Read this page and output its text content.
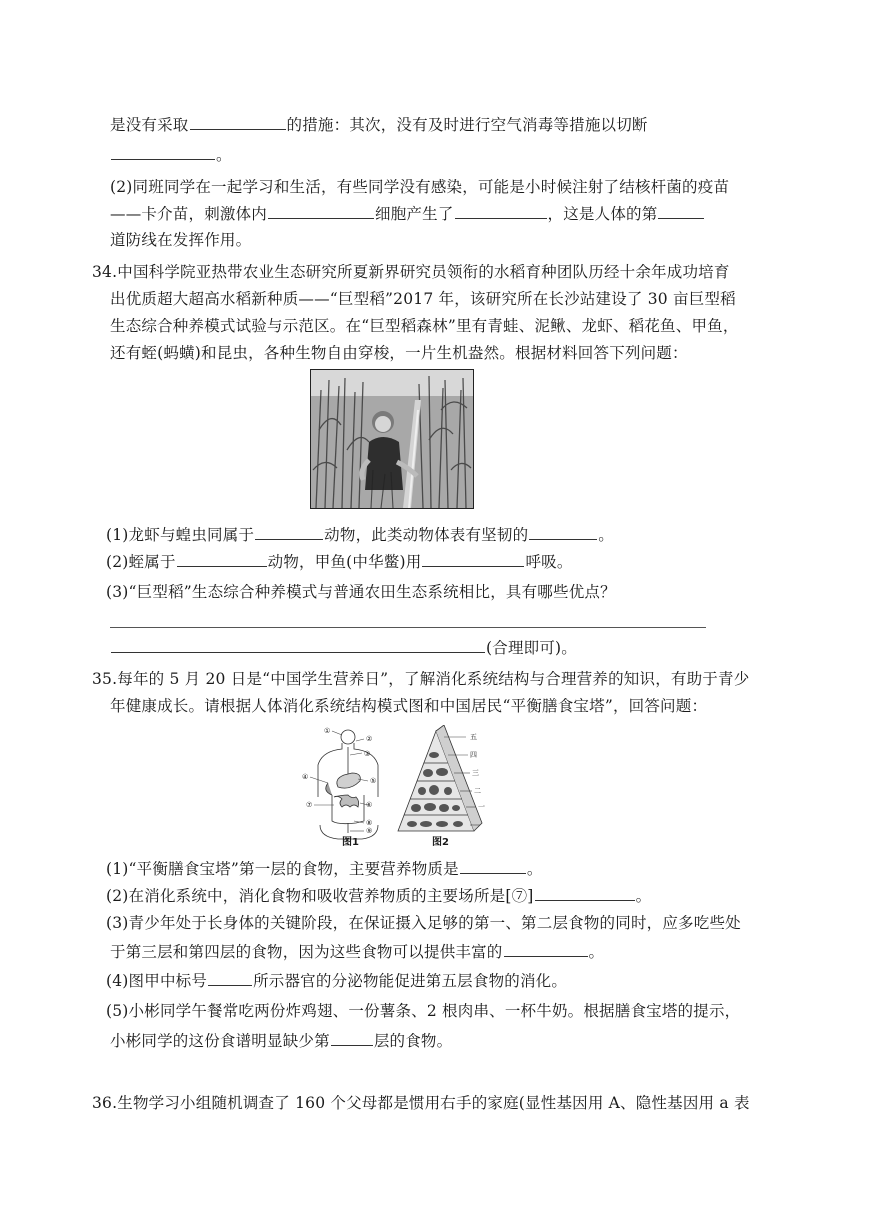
是没有采取	的措施：其次，没有及时进行空气消毒等措施以切断
。
(2)同班同学在一起学习和生活，有些同学没有感染，可能是小时候注射了结核杆菌的疫苗
——卡介苗，刺激体内	细胞产生了	，这是人体的第
道防线在发挥作用。
34.中国科学院亚热带农业生态研究所夏新界研究员领衔的水稻育种团队历经十余年成功培育
出优质超大超高水稻新种质——“巨型稻”2017 年，该研究所在长沙站建设了 30 亩巨型稻
生态综合种养模式试验与示范区。在“巨型稻森林”里有青蛙、泥鳅、龙虾、稻花鱼、甲鱼，
还有蛭(蚂蟥)和昆虫，各种生物自由穿梭，一片生机盎然。根据材料回答下列问题：
(1)龙虾与蝗虫同属于	动物，此类动物体表有坚韧的	。
(2)蛭属于	动物，甲鱼(中华鳖)用	呼吸。
(3)“巨型稻”生态综合种养模式与普通农田生态系统相比，具有哪些优点？
(合理即可)。
35.每年的 5 月 20 日是“中国学生营养日”，了解消化系统结构与合理营养的知识，有助于青少
年健康成长。请根据人体消化系统结构模式图和中国居民“平衡膳食宝塔”，回答问题：
①
②
③
④	⑤
⑥
⑦
⑧
⑨
五
四
三
二
一
图1	图2
(1)“平衡膳食宝塔”第一层的食物，主要营养物质是	。
(2)在消化系统中，消化食物和吸收营养物质的主要场所是[⑦]	。
(3)青少年处于长身体的关键阶段，在保证摄入足够的第一、第二层食物的同时，应多吃些处
于第三层和第四层的食物，因为这些食物可以提供丰富的	。
(4)图甲中标号	所示器官的分泌物能促进第五层食物的消化。
(5)小彬同学午餐常吃两份炸鸡翅、一份薯条、2 根肉串、一杯牛奶。根据膳食宝塔的提示，
小彬同学的这份食谱明显缺少第	层的食物。
36.生物学习小组随机调查了 160 个父母都是惯用右手的家庭(显性基因用 A、隐性基因用 a 表
